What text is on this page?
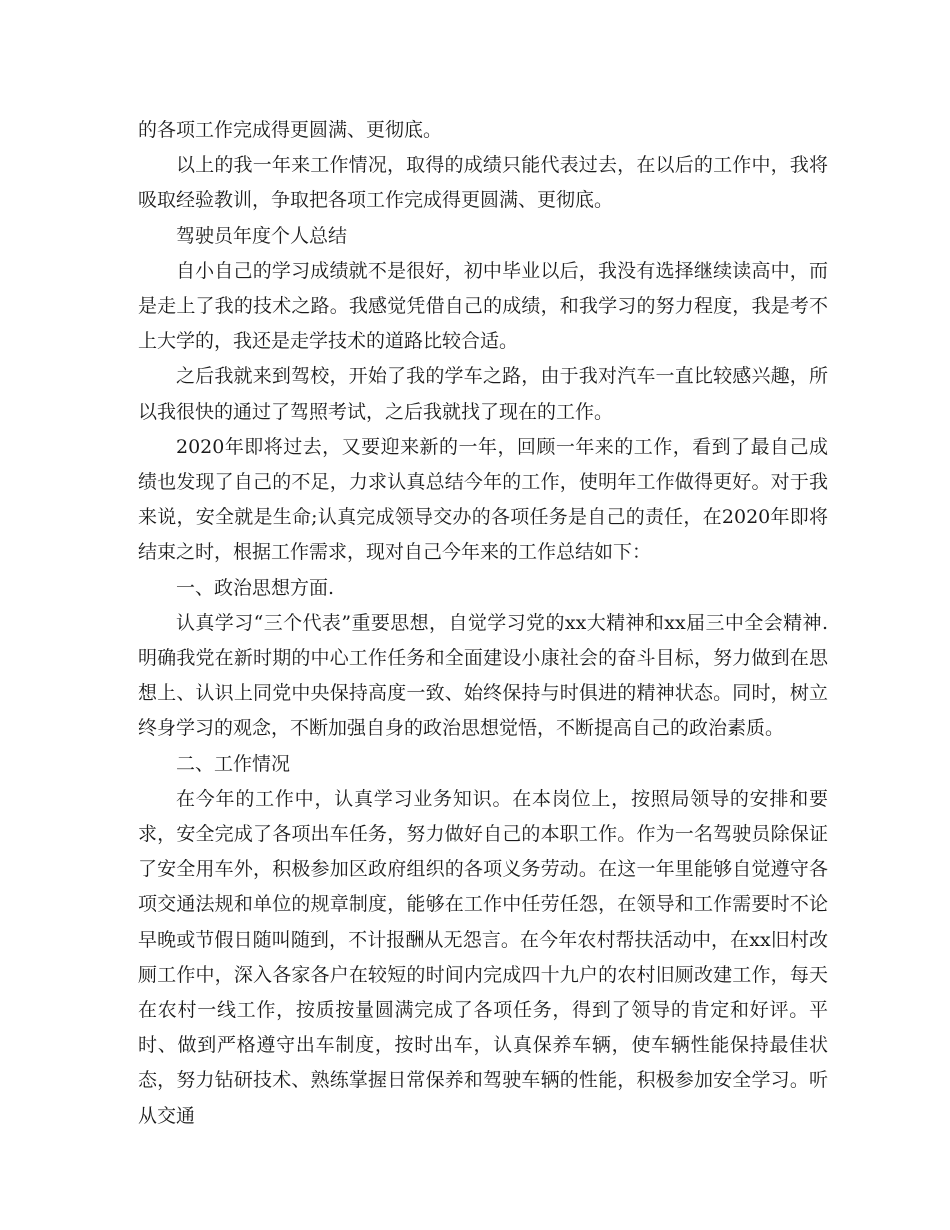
的各项工作完成得更圆满、更彻底。

以上的我一年来工作情况，取得的成绩只能代表过去，在以后的工作中，我将吸取经验教训，争取把各项工作完成得更圆满、更彻底。

驾驶员年度个人总结

自小自己的学习成绩就不是很好，初中毕业以后，我没有选择继续读高中，而是走上了我的技术之路。我感觉凭借自己的成绩，和我学习的努力程度，我是考不上大学的，我还是走学技术的道路比较合适。

之后我就来到驾校，开始了我的学车之路，由于我对汽车一直比较感兴趣，所以我很快的通过了驾照考试，之后我就找了现在的工作。

2020年即将过去，又要迎来新的一年，回顾一年来的工作，看到了最自己成绩也发现了自己的不足，力求认真总结今年的工作，使明年工作做得更好。对于我来说，安全就是生命;认真完成领导交办的各项任务是自己的责任，在2020年即将结束之时，根据工作需求，现对自己今年来的工作总结如下：

一、政治思想方面.

认真学习“三个代表”重要思想，自觉学习党的xx大精神和xx届三中全会精神.明确我党在新时期的中心工作任务和全面建设小康社会的奋斗目标，努力做到在思想上、认识上同党中央保持高度一致、始终保持与时俱进的精神状态。同时，树立终身学习的观念，不断加强自身的政治思想觉悟，不断提高自己的政治素质。

二、工作情况

在今年的工作中，认真学习业务知识。在本岗位上，按照局领导的安排和要求，安全完成了各项出车任务，努力做好自己的本职工作。作为一名驾驶员除保证了安全用车外，积极参加区政府组织的各项义务劳动。在这一年里能够自觉遵守各项交通法规和单位的规章制度，能够在工作中任劳任怨，在领导和工作需要时不论早晚或节假日随叫随到，不计报酬从无怨言。在今年农村帮扶活动中，在xx旧村改厕工作中，深入各家各户在较短的时间内完成四十九户的农村旧厕改建工作，每天在农村一线工作，按质按量圆满完成了各项任务，得到了领导的肯定和好评。平时、做到严格遵守出车制度，按时出车，认真保养车辆，使车辆性能保持最佳状态，努力钻研技术、熟练掌握日常保养和驾驶车辆的性能，积极参加安全学习。听从交通
